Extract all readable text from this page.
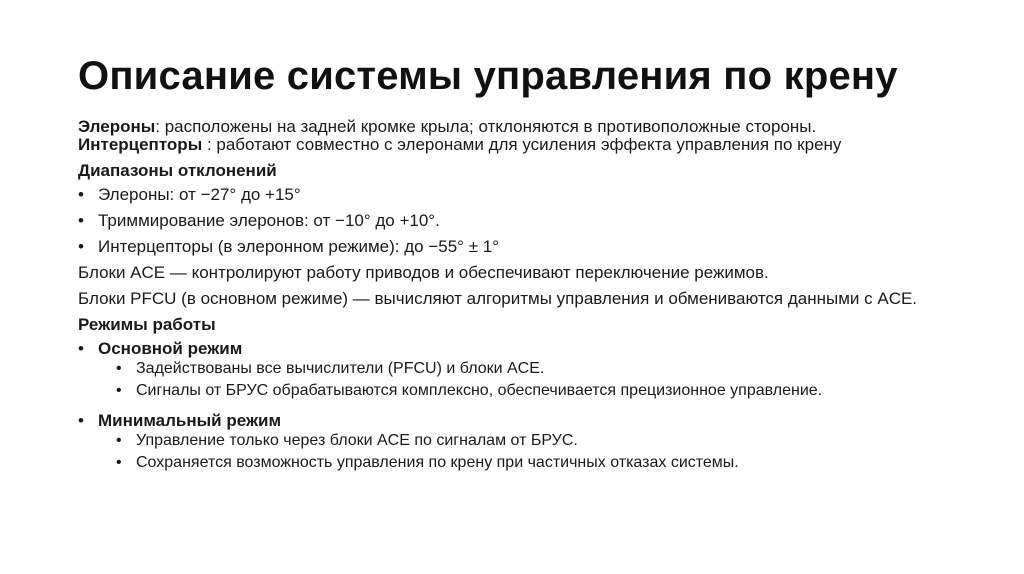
Описание системы управления по крену
Элероны: расположены на задней кромке крыла; отклоняются в противоположные стороны.
Интерцепторы : работают совместно с элеронами для усиления эффекта управления по крену
Диапазоны отклонений
• Элероны: от −27° до +15°
• Триммирование элеронов: от −10° до +10°.
• Интерцепторы (в элеронном режиме): до −55° ± 1°
Блоки ACE — контролируют работу приводов и обеспечивают переключение режимов.
Блоки PFCU (в основном режиме) — вычисляют алгоритмы управления и обмениваются данными с ACE.
Режимы работы
• Основной режим
• Задействованы все вычислители (PFCU) и блоки ACE.
• Сигналы от БРУС обрабатываются комплексно, обеспечивается прецизионное управление.
• Минимальный режим
• Управление только через блоки ACE по сигналам от БРУС.
• Сохраняется возможность управления по крену при частичных отказах системы.
